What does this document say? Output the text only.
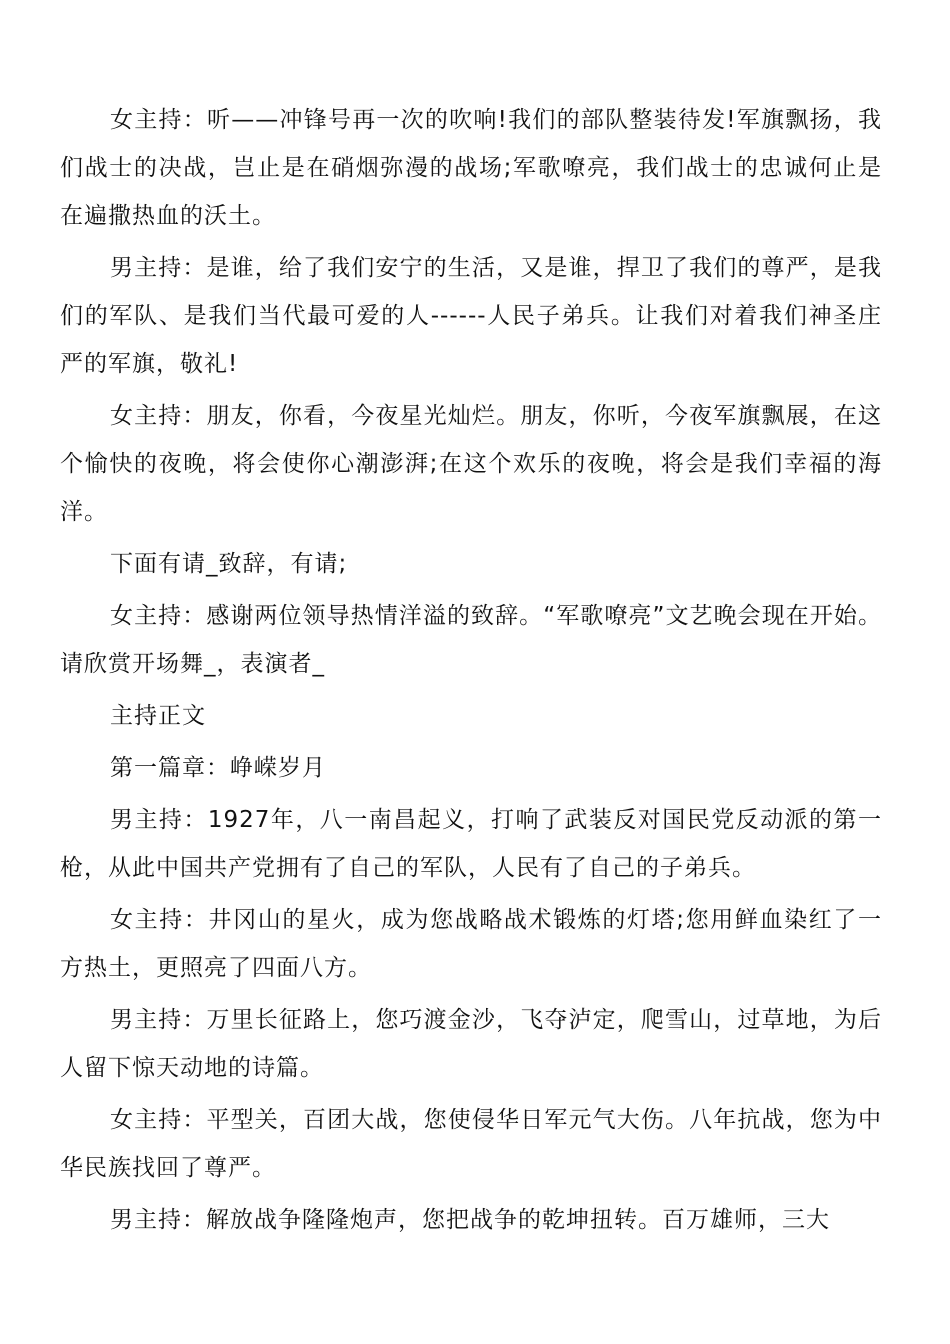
女主持：听——冲锋号再一次的吹响!我们的部队整装待发!军旗飘扬，我们战士的决战，岂止是在硝烟弥漫的战场;军歌嘹亮，我们战士的忠诚何止是在遍撒热血的沃土。

男主持：是谁，给了我们安宁的生活，又是谁，捍卫了我们的尊严，是我们的军队、是我们当代最可爱的人------人民子弟兵。让我们对着我们神圣庄严的军旗，敬礼!

女主持：朋友，你看，今夜星光灿烂。朋友，你听，今夜军旗飘展，在这个愉快的夜晚，将会使你心潮澎湃;在这个欢乐的夜晚，将会是我们幸福的海洋。

下面有请_致辞，有请;

女主持：感谢两位领导热情洋溢的致辞。“军歌嘹亮”文艺晚会现在开始。请欣赏开场舞_，表演者_

主持正文

第一篇章：峥嵘岁月

男主持：1927年，八一南昌起义，打响了武装反对国民党反动派的第一枪，从此中国共产党拥有了自己的军队，人民有了自己的子弟兵。

女主持：井冈山的星火，成为您战略战术锻炼的灯塔;您用鲜血染红了一方热土，更照亮了四面八方。

男主持：万里长征路上，您巧渡金沙，飞夺泸定，爬雪山，过草地，为后人留下惊天动地的诗篇。

女主持：平型关，百团大战，您使侵华日军元气大伤。八年抗战，您为中华民族找回了尊严。

男主持：解放战争隆隆炮声，您把战争的乾坤扭转。百万雄师，三大
